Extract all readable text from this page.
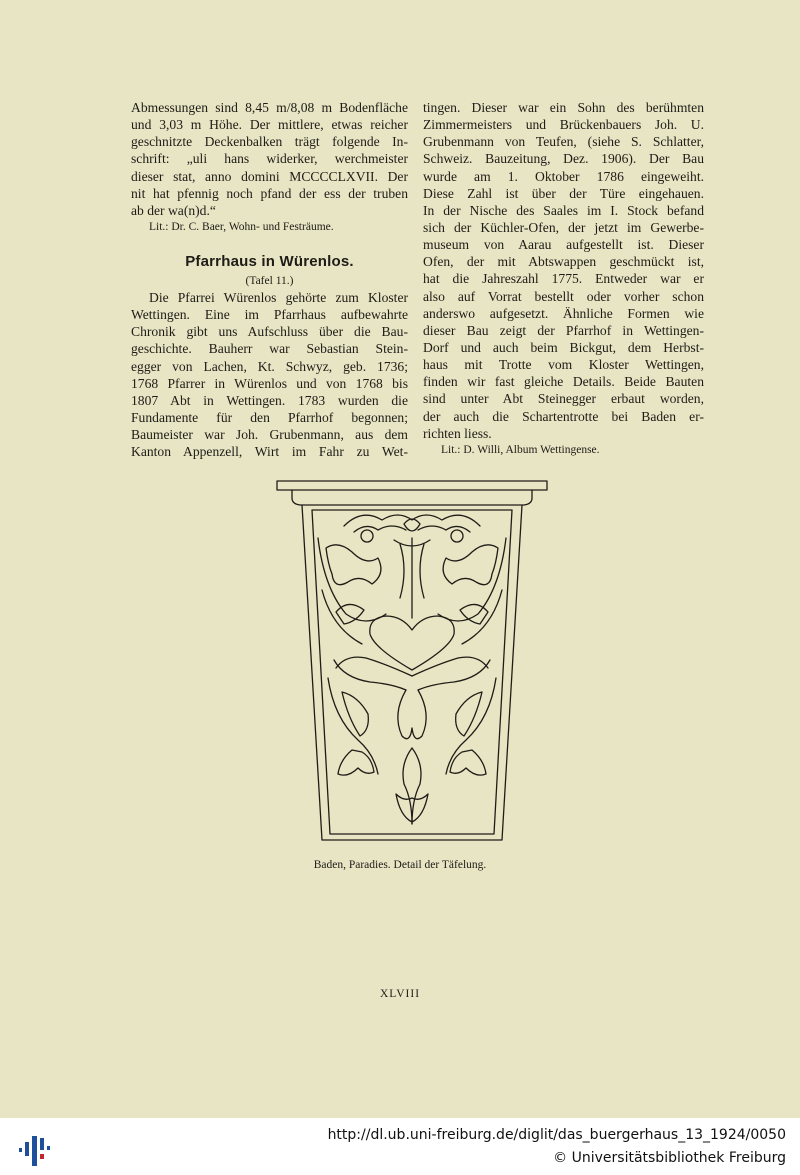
Abmessungen sind 8,45 m/8,08 m Bodenfläche
und 3,03 m Höhe. Der mittlere, etwas reicher
geschnitzte Deckenbalken trägt folgende In-
schrift: „uli hans widerker, werchmeister
dieser stat, anno domini MCCCCLXVII. Der
nit hat pfennig noch pfand der ess der truben
ab der wa(n)d.“
Lit.: Dr. C. Baer, Wohn- und Festräume.
Pfarrhaus in Würenlos.
(Tafel 11.)
Die Pfarrei Würenlos gehörte zum Kloster
Wettingen. Eine im Pfarrhaus aufbewahrte
Chronik gibt uns Aufschluss über die Bau-
geschichte. Bauherr war Sebastian Stein-
egger von Lachen, Kt. Schwyz, geb. 1736;
1768 Pfarrer in Würenlos und von 1768 bis
1807 Abt in Wettingen. 1783 wurden die
Fundamente für den Pfarrhof begonnen;
Baumeister war Joh. Grubenmann, aus dem
Kanton Appenzell, Wirt im Fahr zu Wet-
tingen. Dieser war ein Sohn des berühmten
Zimmermeisters und Brückenbauers Joh. U.
Grubenmann von Teufen, (siehe S. Schlatter,
Schweiz. Bauzeitung, Dez. 1906). Der Bau
wurde am 1. Oktober 1786 eingeweiht.
Diese Zahl ist über der Türe eingehauen.
In der Nische des Saales im I. Stock befand
sich der Küchler-Ofen, der jetzt im Gewerbe-
museum von Aarau aufgestellt ist. Dieser
Ofen, der mit Abtswappen geschmückt ist,
hat die Jahreszahl 1775. Entweder war er
also auf Vorrat bestellt oder vorher schon
anderswo aufgesetzt. Ähnliche Formen wie
dieser Bau zeigt der Pfarrhof in Wettingen-
Dorf und auch beim Bickgut, dem Herbst-
haus mit Trotte vom Kloster Wettingen,
finden wir fast gleiche Details. Beide Bauten
sind unter Abt Steinegger erbaut worden,
der auch die Schartentrotte bei Baden er-
richten liess.
Lit.: D. Willi, Album Wettingense.
Baden, Paradies. Detail der Täfelung.
XLVIII
http://dl.ub.uni-freiburg.de/diglit/das_buergerhaus_13_1924/0050
© Universitätsbibliothek Freiburg
